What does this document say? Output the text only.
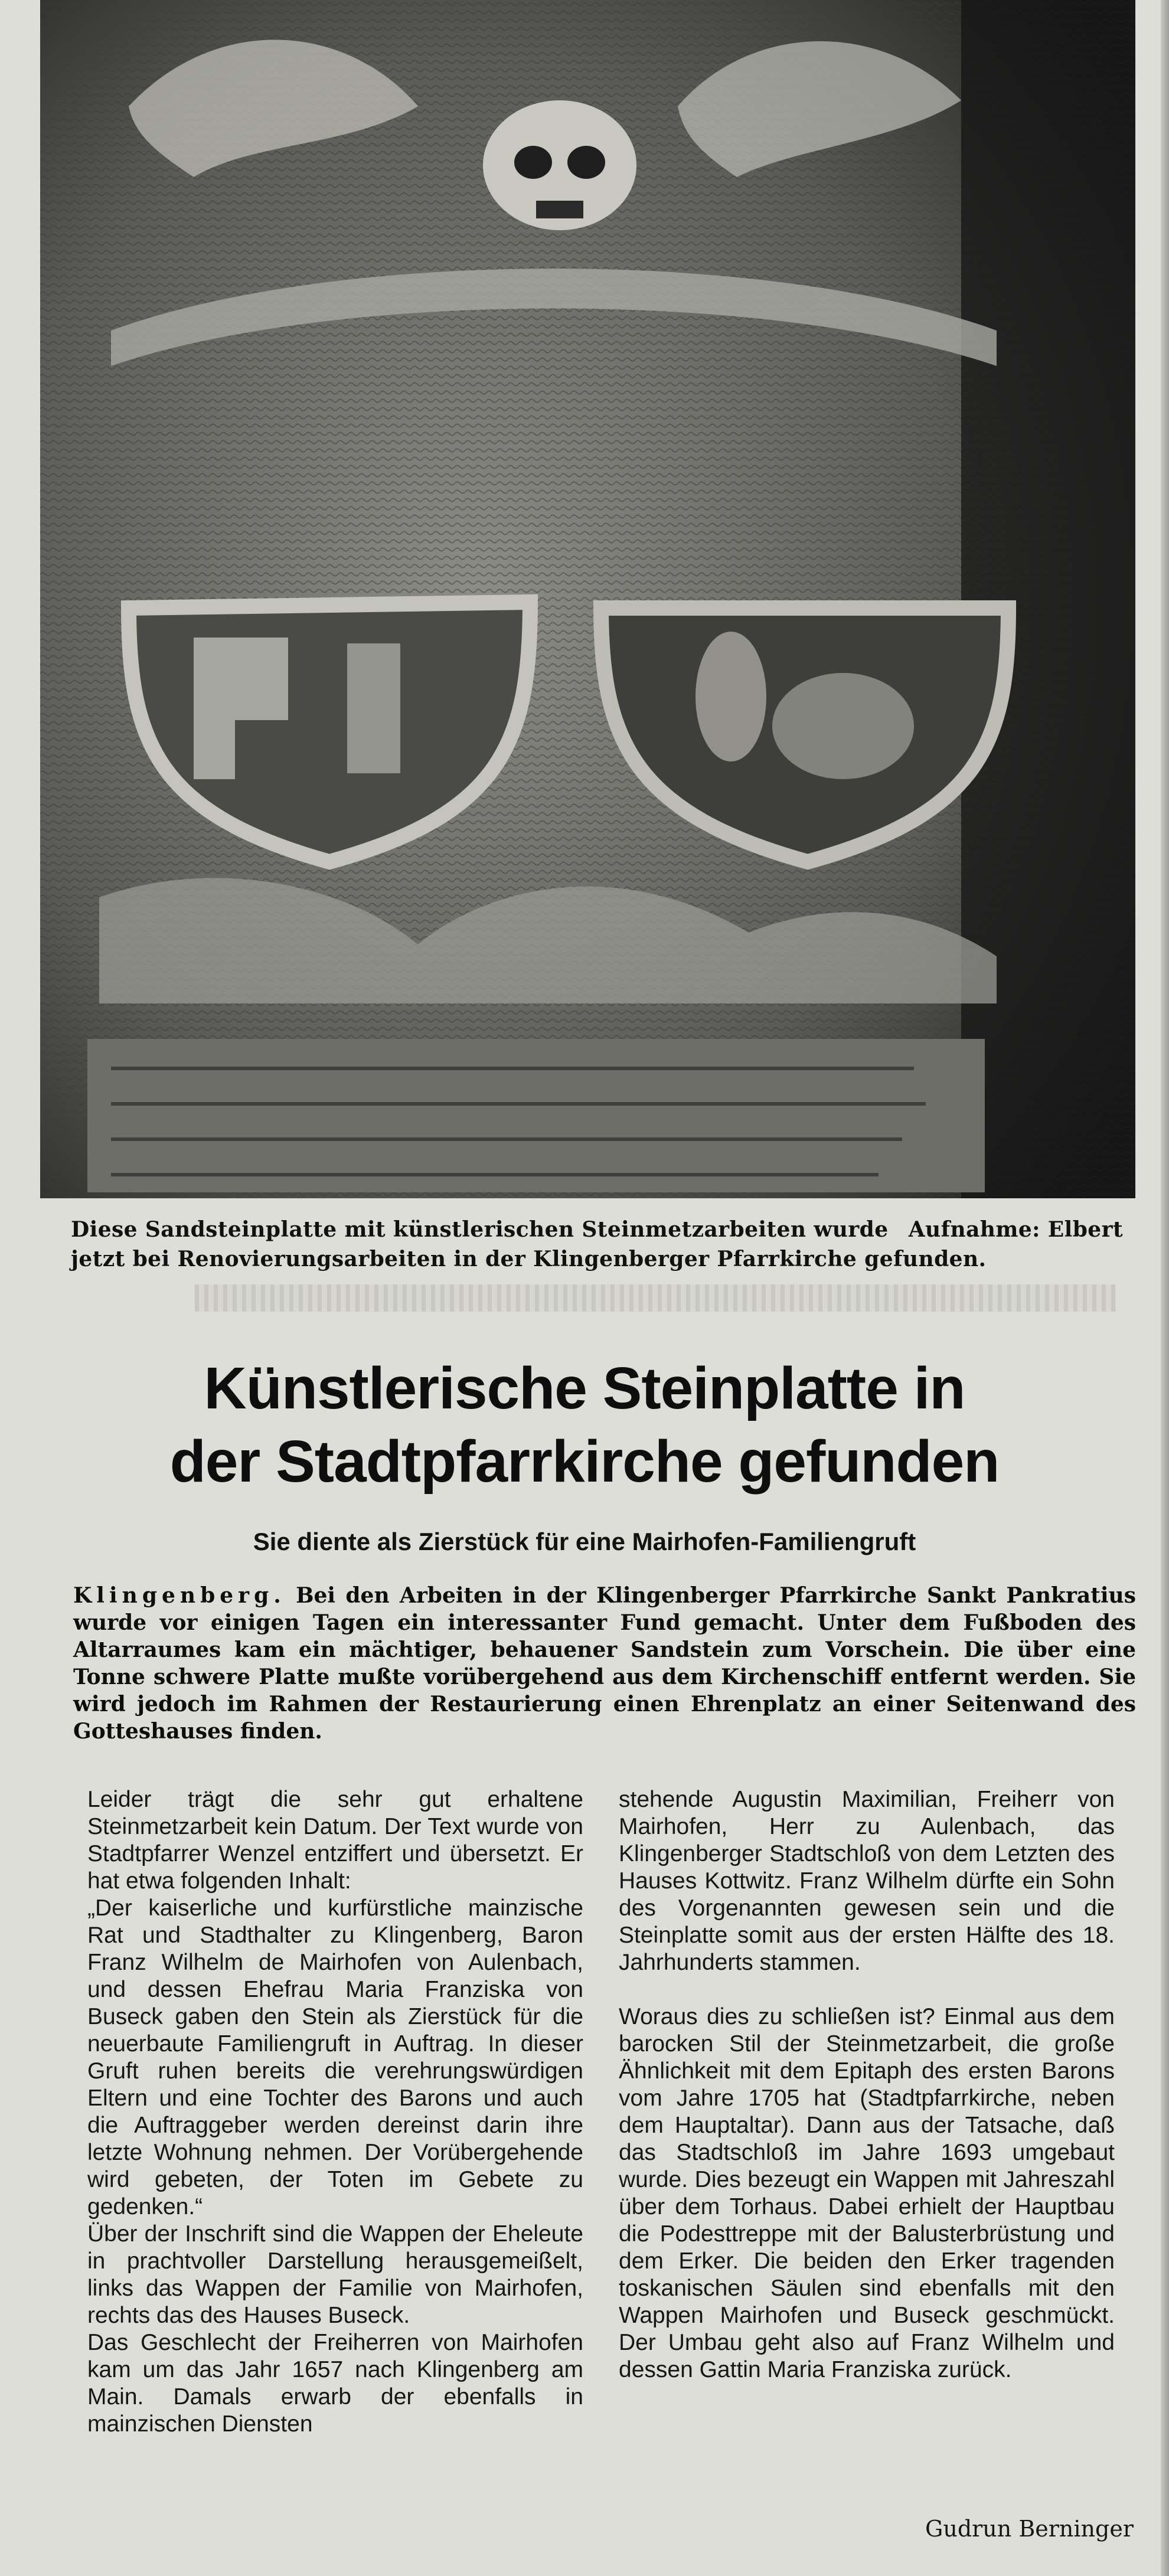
Aufnahme: Elbert
Diese Sandsteinplatte mit künstlerischen Steinmetzarbeiten wurde jetzt bei Renovierungsarbeiten in der Klingenberger Pfarrkirche gefunden.
Künstlerische Steinplatte in
der Stadtpfarrkirche gefunden
Sie diente als Zierstück für eine Mairhofen-Familiengruft
Klingenberg. Bei den Arbeiten in der Klingenberger Pfarrkirche Sankt Pankratius wurde vor einigen Tagen ein interessanter Fund gemacht. Unter dem Fußboden des Altarraumes kam ein mächtiger, behauener Sandstein zum Vorschein. Die über eine Tonne schwere Platte mußte vorübergehend aus dem Kirchenschiff entfernt werden. Sie wird jedoch im Rahmen der Restaurierung einen Ehrenplatz an einer Seitenwand des Gotteshauses finden.

Leider trägt die sehr gut erhaltene Steinmetzarbeit kein Datum. Der Text wurde von Stadtpfarrer Wenzel entziffert und übersetzt. Er hat etwa folgenden Inhalt:

„Der kaiserliche und kurfürstliche mainzische Rat und Stadthalter zu Klingenberg, Baron Franz Wilhelm de Mairhofen von Aulenbach, und dessen Ehefrau Maria Franziska von Buseck gaben den Stein als Zierstück für die neuerbaute Familiengruft in Auftrag. In dieser Gruft ruhen bereits die verehrungswürdigen Eltern und eine Tochter des Barons und auch die Auftraggeber werden dereinst darin ihre letzte Wohnung nehmen. Der Vorübergehende wird gebeten, der Toten im Gebete zu gedenken.“

Über der Inschrift sind die Wappen der Eheleute in prachtvoller Darstellung herausgemeißelt, links das Wappen der Familie von Mairhofen, rechts das des Hauses Buseck.

Das Geschlecht der Freiherren von Mairhofen kam um das Jahr 1657 nach Klingenberg am Main. Damals erwarb der ebenfalls in mainzischen Diensten

stehende Augustin Maximilian, Freiherr von Mairhofen, Herr zu Aulenbach, das Klingenberger Stadtschloß von dem Letzten des Hauses Kottwitz. Franz Wilhelm dürfte ein Sohn des Vorgenannten gewesen sein und die Steinplatte somit aus der ersten Hälfte des 18. Jahrhunderts stammen.

Woraus dies zu schließen ist? Einmal aus dem barocken Stil der Steinmetzarbeit, die große Ähnlichkeit mit dem Epitaph des ersten Barons vom Jahre 1705 hat (Stadtpfarrkirche, neben dem Hauptaltar). Dann aus der Tatsache, daß das Stadtschloß im Jahre 1693 umgebaut wurde. Dies bezeugt ein Wappen mit Jahreszahl über dem Torhaus. Dabei erhielt der Hauptbau die Podesttreppe mit der Balusterbrüstung und dem Erker. Die beiden den Erker tragenden toskanischen Säulen sind ebenfalls mit den Wappen Mairhofen und Buseck geschmückt. Der Umbau geht also auf Franz Wilhelm und dessen Gattin Maria Franziska zurück.

Gudrun Berninger
